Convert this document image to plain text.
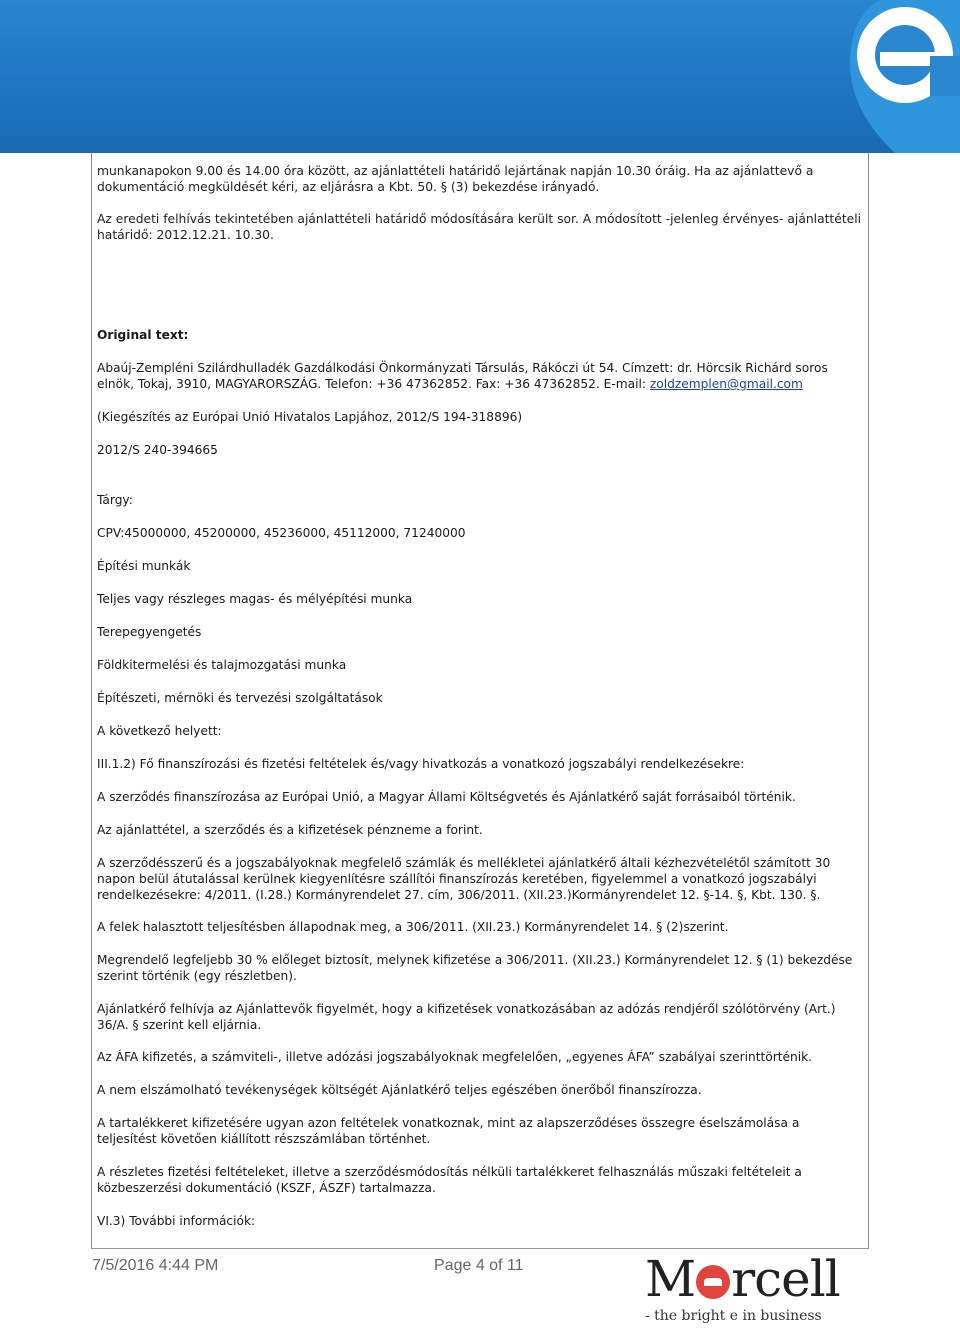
munkanapokon 9.00 és 14.00 óra között, az ajánlattételi határidő lejártának napján 10.30 óráig. Ha az ajánlattevő a dokumentáció megküldését kéri, az eljárásra a Kbt. 50. § (3) bekezdése irányadó.

Az eredeti felhívás tekintetében ajánlattételi határidő módosítására került sor. A módosított -jelenleg érvényes- ajánlattételi határidő: 2012.12.21. 10.30.

Original text:

Abaúj-Zempléni Szilárdhulladék Gazdálkodási Önkormányzati Társulás, Rákóczi út 54. Címzett: dr. Hörcsik Richárd soros elnök, Tokaj, 3910, MAGYARORSZÁG. Telefon: +36 47362852. Fax: +36 47362852. E-mail: zoldzemplen@gmail.com

(Kiegészítés az Európai Unió Hivatalos Lapjához, 2012/S 194-318896)

2012/S 240-394665

Tárgy:

CPV:45000000, 45200000, 45236000, 45112000, 71240000

Építési munkák

Teljes vagy részleges magas- és mélyépítési munka

Terepegyengetés

Földkitermelési és talajmozgatási munka

Építészeti, mérnöki és tervezési szolgáltatások

A következő helyett:

III.1.2) Fő finanszírozási és fizetési feltételek és/vagy hivatkozás a vonatkozó jogszabályi rendelkezésekre:

A szerződés finanszírozása az Európai Unió, a Magyar Állami Költségvetés és Ajánlatkérő saját forrásaiból történik.

Az ajánlattétel, a szerződés és a kifizetések pénzneme a forint.

A szerződésszerű és a jogszabályoknak megfelelő számlák és mellékletei ajánlatkérő általi kézhezvételétől számított 30 napon belül átutalással kerülnek kiegyenlítésre szállítói finanszírozás keretében, figyelemmel a vonatkozó jogszabályi rendelkezésekre: 4/2011. (I.28.) Kormányrendelet 27. cím, 306/2011. (XII.23.)Kormányrendelet 12. §-14. §, Kbt. 130. §.

A felek halasztott teljesítésben állapodnak meg, a 306/2011. (XII.23.) Kormányrendelet 14. § (2)szerint.

Megrendelő legfeljebb 30 % előleget biztosít, melynek kifizetése a 306/2011. (XII.23.) Kormányrendelet 12. § (1) bekezdése szerint történik (egy részletben).

Ajánlatkérő felhívja az Ajánlattevők figyelmét, hogy a kifizetések vonatkozásában az adózás rendjéről szólótörvény (Art.) 36/A. § szerint kell eljárnia.

Az ÁFA kifizetés, a számviteli-, illetve adózási jogszabályoknak megfelelően, „egyenes ÁFA” szabályai szerinttörténik.

A nem elszámolható tevékenységek költségét Ajánlatkérő teljes egészében önerőből finanszírozza.

A tartalékkeret kifizetésére ugyan azon feltételek vonatkoznak, mint az alapszerződéses összegre éselszámolása a teljesítést követően kiállított részszámlában történhet.

A részletes fizetési feltételeket, illetve a szerződésmódosítás nélküli tartalékkeret felhasználás műszaki feltételeit a közbeszerzési dokumentáció (KSZF, ÁSZF) tartalmazza.

VI.3) További információk:

7/5/2016 4:44 PM	Page 4 of 11 M rcell
- the bright e in business
